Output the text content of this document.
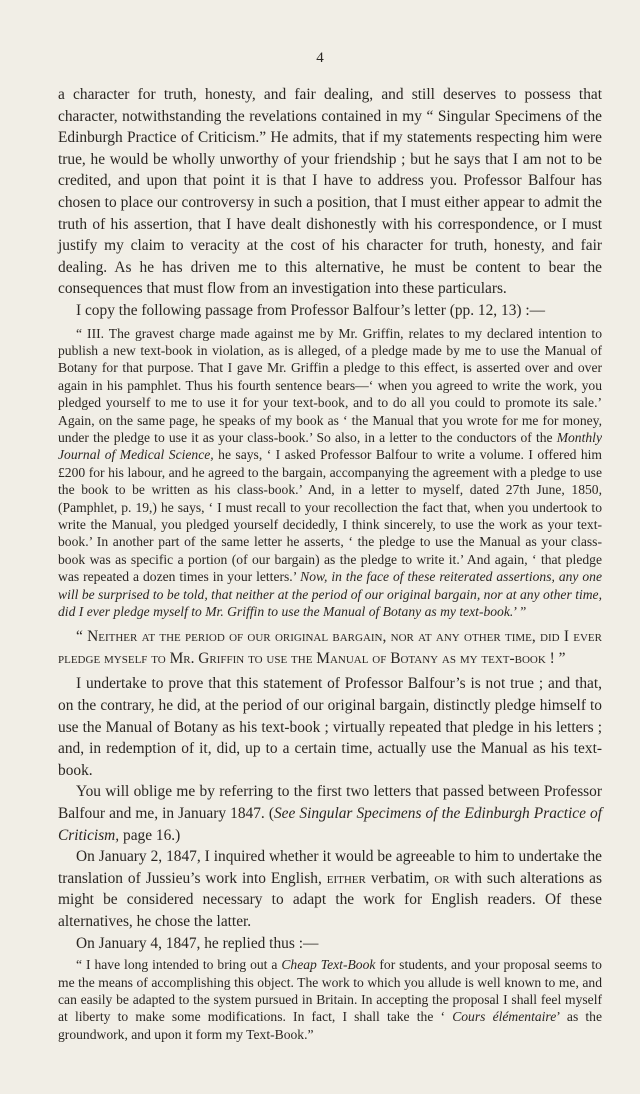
4

a character for truth, honesty, and fair dealing, and still deserves to possess that character, notwithstanding the revelations contained in my “ Singular Specimens of the Edinburgh Practice of Criticism.” He admits, that if my statements respecting him were true, he would be wholly unworthy of your friendship ; but he says that I am not to be credited, and upon that point it is that I have to address you. Professor Balfour has chosen to place our controversy in such a position, that I must either appear to admit the truth of his assertion, that I have dealt dishonestly with his correspondence, or I must justify my claim to veracity at the cost of his character for truth, honesty, and fair dealing. As he has driven me to this alternative, he must be content to bear the consequences that must flow from an investigation into these particulars.

I copy the following passage from Professor Balfour’s letter (pp. 12, 13) :—

“ III. The gravest charge made against me by Mr. Griffin, relates to my declared intention to publish a new text-book in violation, as is alleged, of a pledge made by me to use the Manual of Botany for that purpose. That I gave Mr. Griffin a pledge to this effect, is asserted over and over again in his pamphlet. Thus his fourth sentence bears—‘ when you agreed to write the work, you pledged yourself to me to use it for your text-book, and to do all you could to promote its sale.’ Again, on the same page, he speaks of my book as ‘ the Manual that you wrote for me for money, under the pledge to use it as your class-book.’ So also, in a letter to the conductors of the Monthly Journal of Medical Science, he says, ‘ I asked Professor Balfour to write a volume. I offered him £200 for his labour, and he agreed to the bargain, accompanying the agreement with a pledge to use the book to be written as his class-book.’ And, in a letter to myself, dated 27th June, 1850, (Pamphlet, p. 19,) he says, ‘ I must recall to your recollection the fact that, when you undertook to write the Manual, you pledged yourself decidedly, I think sincerely, to use the work as your text-book.’ In another part of the same letter he asserts, ‘ the pledge to use the Manual as your class-book was as specific a portion (of our bargain) as the pledge to write it.’ And again, ‘ that pledge was repeated a dozen times in your letters.’ Now, in the face of these reiterated assertions, any one will be surprised to be told, that neither at the period of our original bargain, nor at any other time, did I ever pledge myself to Mr. Griffin to use the Manual of Botany as my text-book.’ ”

“ Neither at the period of our original bargain, nor at any other time, did I ever pledge myself to Mr. Griffin to use the Manual of Botany as my text-book ! ”

I undertake to prove that this statement of Professor Balfour’s is not true ; and that, on the contrary, he did, at the period of our original bargain, distinctly pledge himself to use the Manual of Botany as his text-book ; virtually repeated that pledge in his letters ; and, in redemption of it, did, up to a certain time, actually use the Manual as his text-book.

You will oblige me by referring to the first two letters that passed between Professor Balfour and me, in January 1847. (See Singular Specimens of the Edinburgh Practice of Criticism, page 16.)

On January 2, 1847, I inquired whether it would be agreeable to him to undertake the translation of Jussieu’s work into English, either verbatim, or with such alterations as might be considered necessary to adapt the work for English readers. Of these alternatives, he chose the latter.

On January 4, 1847, he replied thus :—

“ I have long intended to bring out a Cheap Text-Book for students, and your proposal seems to me the means of accomplishing this object. The work to which you allude is well known to me, and can easily be adapted to the system pursued in Britain. In accepting the proposal I shall feel myself at liberty to make some modifications. In fact, I shall take the ‘ Cours élémentaire’ as the groundwork, and upon it form my Text-Book.”
